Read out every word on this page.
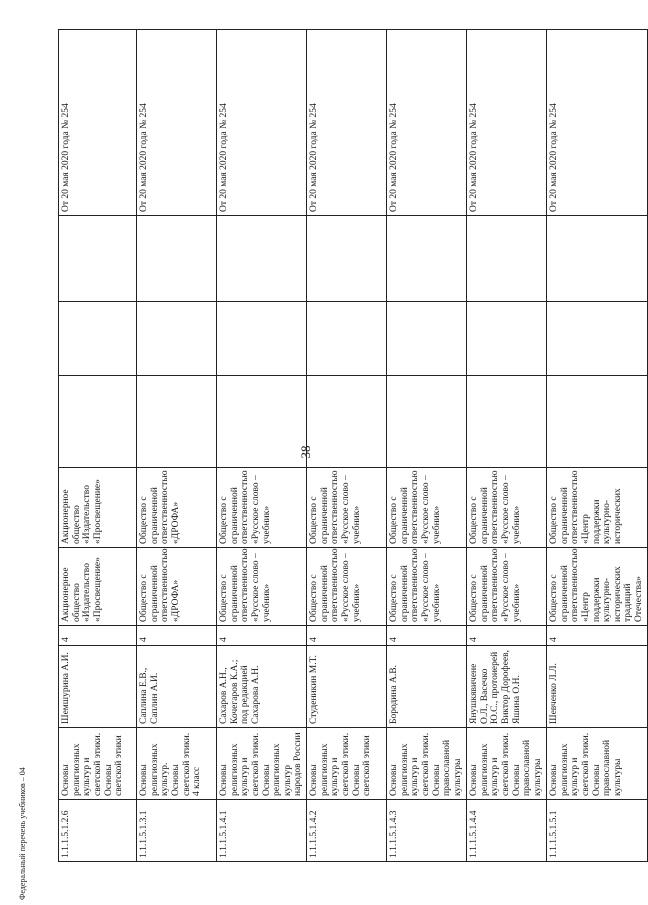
38
1.1.1.5.1.2.6	Основы религиозных культур и светской этики. Основы светской этики	Шемшурина А.И.	4	Акционерное общество «Издательство «Просвещение»	Акционерное общество «Издательство «Просвещение»				От 20 мая 2020 года № 254
1.1.1.5.1.3.1	Основы религиозных культур. Основы светской этики. 4 класс	Саплина Е.В., Саплин А.И.	4	Общество с ограниченной ответственностью «ДРОФА»	Общество с ограниченной ответственностью «ДРОФА»				От 20 мая 2020 года № 254
1.1.1.5.1.4.1	Основы религиозных культур и светской этики. Основы религиозных культур народов России	Сахаров А.Н., Кочегаров К.А.; под редакцией Сахарова А.Н.	4	Общество с ограниченной ответственностью «Русское слово – учебник»	Общество с ограниченной ответственностью «Русское слово – учебник»				От 20 мая 2020 года № 254
1.1.1.5.1.4.2	Основы религиозных культур и светской этики. Основы светской этики	Студеникин М.Т.	4	Общество с ограниченной ответственностью «Русское слово – учебник»	Общество с ограниченной ответственностью «Русское слово – учебник»				От 20 мая 2020 года № 254
1.1.1.5.1.4.3	Основы религиозных культур и светской этики. Основы православной культуры	Бородина А.В.	4	Общество с ограниченной ответственностью «Русское слово – учебник»	Общество с ограниченной ответственностью «Русское слово – учебник»				От 20 мая 2020 года № 254
1.1.1.5.1.4.4	Основы религиозных культур и светской этики. Основы православной культуры	Янушкявичене О.Л., Васечко Ю.С., протоиерей Виктор Дорофеев, Яшина О.Н.	4	Общество с ограниченной ответственностью «Русское слово – учебник»	Общество с ограниченной ответственностью «Русское слово – учебник»				От 20 мая 2020 года № 254
1.1.1.5.1.5.1	Основы религиозных культур и светской этики. Основы православной культуры	Шевченко Л.Л.	4	Общество с ограниченной ответственностью «Центр поддержки культурно-исторических традиций Отечества»	Общество с ограниченной ответственностью «Центр поддержки культурно-исторических				От 20 мая 2020 года № 254
Федеральный перечень учебников – 04
